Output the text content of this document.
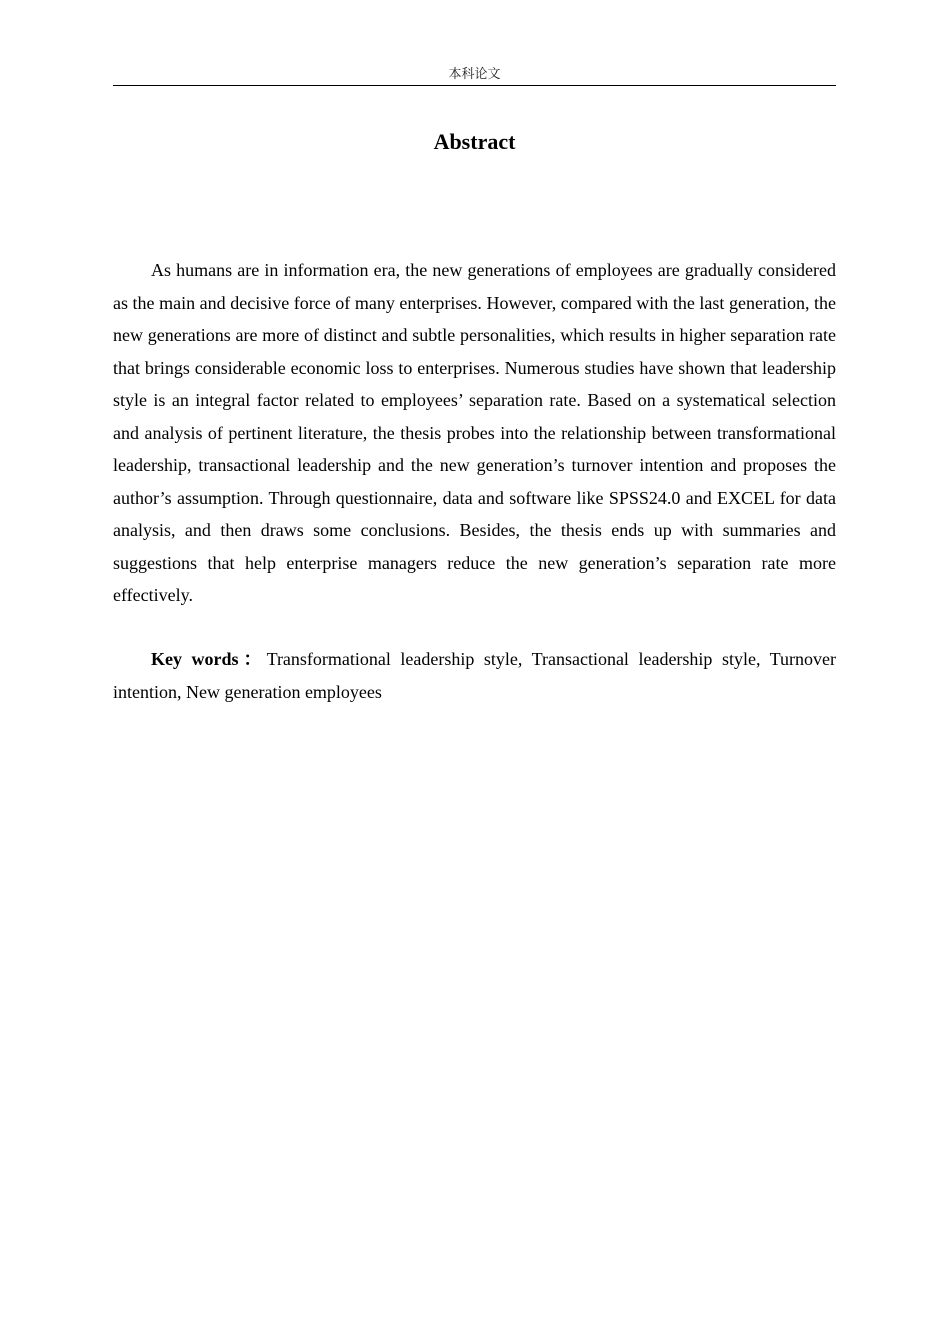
本科论文
Abstract

As humans are in information era, the new generations of employees are gradually considered as the main and decisive force of many enterprises. However, compared with the last generation, the new generations are more of distinct and subtle personalities, which results in higher separation rate that brings considerable economic loss to enterprises. Numerous studies have shown that leadership style is an integral factor related to employees’ separation rate. Based on a systematical selection and analysis of pertinent literature, the thesis probes into the relationship between transformational leadership, transactional leadership and the new generation’s turnover intention and proposes the author’s assumption. Through questionnaire, data and software like SPSS24.0 and EXCEL for data analysis, and then draws some conclusions. Besides, the thesis ends up with summaries and suggestions that help enterprise managers reduce the new generation’s separation rate more effectively.

Key words：Transformational leadership style, Transactional leadership style, Turnover intention, New generation employees
